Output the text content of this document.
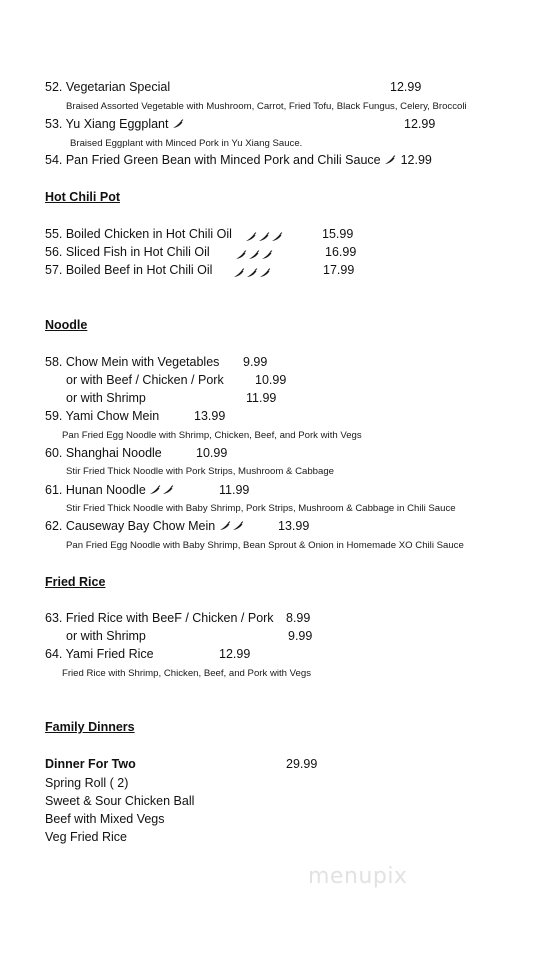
52. Vegetarian Special	12.99
Braised Assorted Vegetable with Mushroom, Carrot, Fried Tofu, Black Fungus, Celery, Broccoli
53. Yu Xiang Eggplant	12.99
Braised Eggplant with Minced Pork in Yu Xiang Sauce.
54. Pan Fried Green Bean with Minced Pork and Chili Sauce 12.99
Hot Chili Pot
55. Boiled Chicken in Hot Chili Oil	15.99
56. Sliced Fish in Hot Chili Oil	16.99
57. Boiled Beef in Hot Chili Oil	17.99
Noodle
58. Chow Mein with Vegetables 9.99
or with Beef / Chicken / Pork	10.99
or with Shrimp	11.99
59. Yami Chow Mein	13.99
Pan Fried Egg Noodle with Shrimp, Chicken, Beef, and Pork with Vegs
60. Shanghai Noodle	10.99
Stir Fried Thick Noodle with Pork Strips, Mushroom & Cabbage
61. Hunan Noodle	11.99
Stir Fried Thick Noodle with Baby Shrimp, Pork Strips, Mushroom & Cabbage in Chili Sauce
62. Causeway Bay Chow Mein	13.99
Pan Fried Egg Noodle with Baby Shrimp, Bean Sprout & Onion in Homemade XO Chili Sauce
Fried Rice
63. Fried Rice with BeeF / Chicken / Pork 8.99
or with Shrimp	9.99
64. Yami Fried Rice	12.99
Fried Rice with Shrimp, Chicken, Beef, and Pork with Vegs
Family Dinners
Dinner For Two	29.99
Spring Roll ( 2)
Sweet & Sour Chicken Ball
Beef with Mixed Vegs
Veg Fried Rice
menupix
